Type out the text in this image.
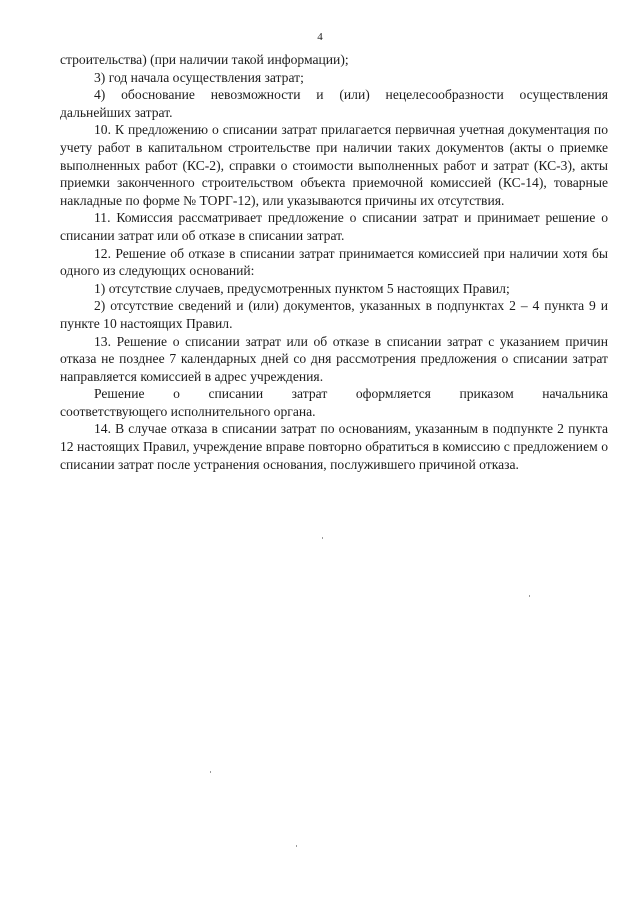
4

строительства) (при наличии такой информации);

3) год начала осуществления затрат;

4) обоснование невозможности и (или) нецелесообразности осуществления дальнейших затрат.

10. К предложению о списании затрат прилагается первичная учетная документация по учету работ в капитальном строительстве при наличии таких документов (акты о приемке выполненных работ (КС-2), справки о стоимости выполненных работ и затрат (КС-3), акты приемки законченного строительством объекта приемочной комиссией (КС-14), товарные накладные по форме № ТОРГ-12), или указываются причины их отсутствия.

11. Комиссия рассматривает предложение о списании затрат и принимает решение о списании затрат или об отказе в списании затрат.

12. Решение об отказе в списании затрат принимается комиссией при наличии хотя бы одного из следующих оснований:

1) отсутствие случаев, предусмотренных пунктом 5 настоящих Правил;

2) отсутствие сведений и (или) документов, указанных в подпунктах 2 – 4 пункта 9 и пункте 10 настоящих Правил.

13. Решение о списании затрат или об отказе в списании затрат с указанием причин отказа не позднее 7 календарных дней со дня рассмотрения предложения о списании затрат направляется комиссией в адрес учреждения.

Решение о списании затрат оформляется приказом начальника

соответствующего исполнительного органа.

14. В случае отказа в списании затрат по основаниям, указанным в подпункте 2 пункта 12 настоящих Правил, учреждение вправе повторно обратиться в комиссию с предложением о списании затрат после устранения основания, послужившего причиной отказа.
